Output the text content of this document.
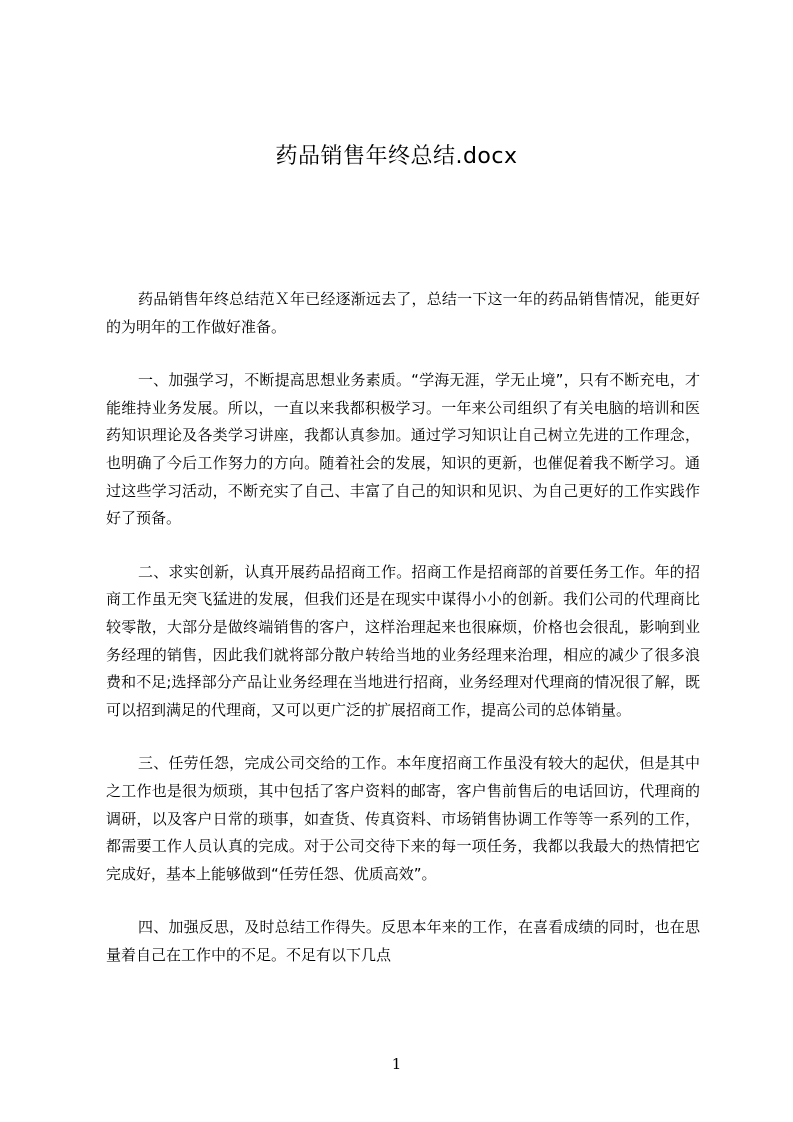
药品销售年终总结.docx

药品销售年终总结范Ｘ年已经逐渐远去了，总结一下这一年的药品销售情况，能更好的为明年的工作做好准备。

一、加强学习，不断提高思想业务素质。“学海无涯，学无止境”，只有不断充电，才能维持业务发展。所以，一直以来我都积极学习。一年来公司组织了有关电脑的培训和医药知识理论及各类学习讲座，我都认真参加。通过学习知识让自己树立先进的工作理念，也明确了今后工作努力的方向。随着社会的发展，知识的更新，也催促着我不断学习。通过这些学习活动，不断充实了自己、丰富了自己的知识和见识、为自己更好的工作实践作好了预备。

二、求实创新，认真开展药品招商工作。招商工作是招商部的首要任务工作。年的招商工作虽无突飞猛进的发展，但我们还是在现实中谋得小小的创新。我们公司的代理商比较零散，大部分是做终端销售的客户，这样治理起来也很麻烦，价格也会很乱，影响到业务经理的销售，因此我们就将部分散户转给当地的业务经理来治理，相应的减少了很多浪费和不足;选择部分产品让业务经理在当地进行招商，业务经理对代理商的情况很了解，既可以招到满足的代理商，又可以更广泛的扩展招商工作，提高公司的总体销量。

三、任劳任怨，完成公司交给的工作。本年度招商工作虽没有较大的起伏，但是其中之工作也是很为烦琐，其中包括了客户资料的邮寄，客户售前售后的电话回访，代理商的调研，以及客户日常的琐事，如查货、传真资料、市场销售协调工作等等一系列的工作，都需要工作人员认真的完成。对于公司交待下来的每一项任务，我都以我最大的热情把它完成好，基本上能够做到“任劳任怨、优质高效”。

四、加强反思，及时总结工作得失。反思本年来的工作，在喜看成绩的同时，也在思量着自己在工作中的不足。不足有以下几点

1
